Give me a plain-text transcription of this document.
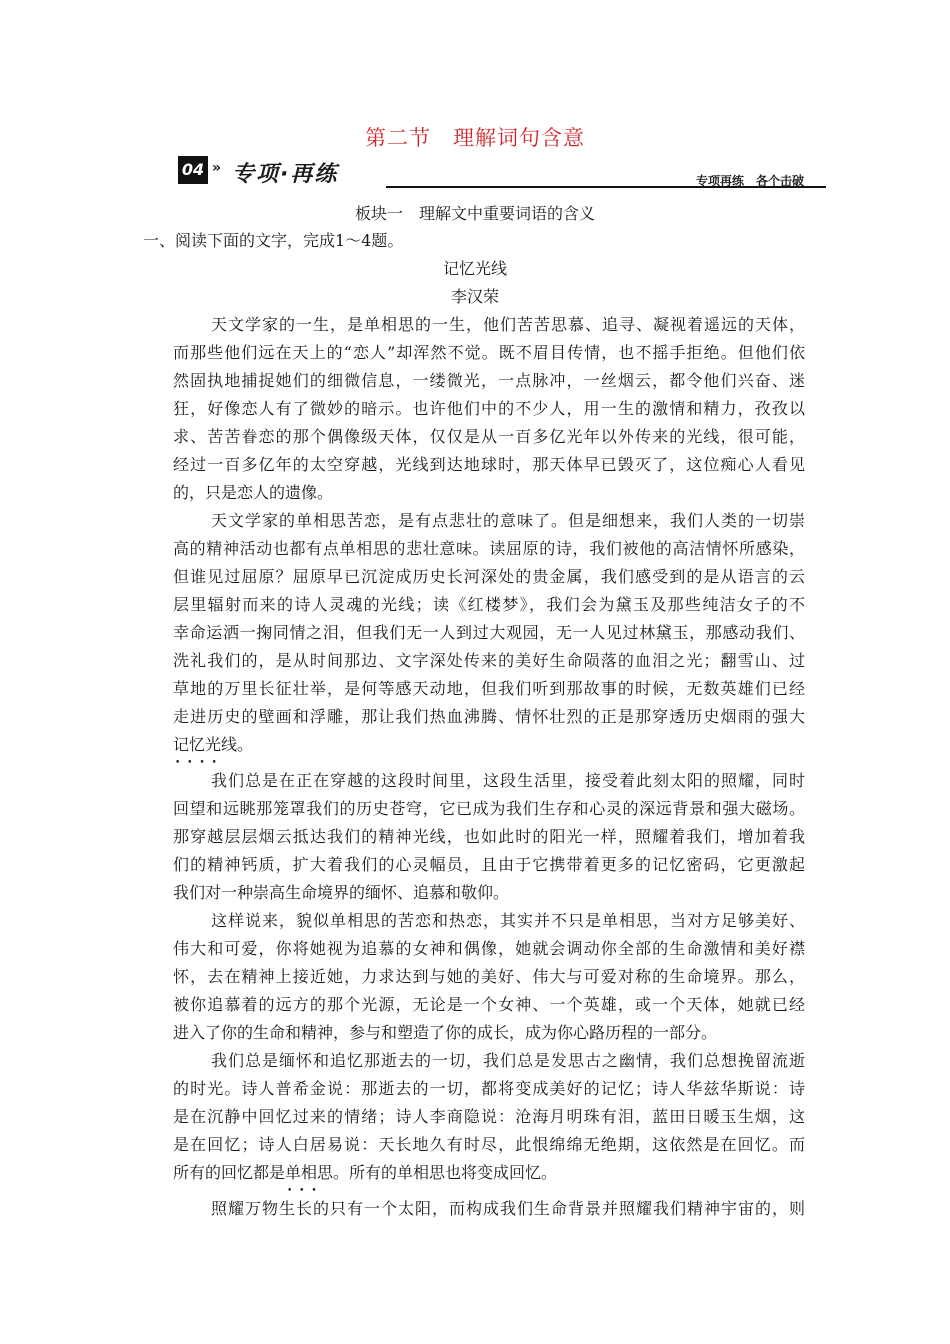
第二节　理解词句含意
04 » 专项·再练	专项再练　各个击破
板块一　理解文中重要词语的含义
一、阅读下面的文字，完成1～4题。
记忆光线
李汉荣
天文学家的一生，是单相思的一生，他们苦苦思慕、追寻、凝视着遥远的天体，
而那些他们远在天上的“恋人”却浑然不觉。既不眉目传情，也不摇手拒绝。但他们依
然固执地捕捉她们的细微信息，一缕微光，一点脉冲，一丝烟云，都令他们兴奋、迷
狂，好像恋人有了微妙的暗示。也许他们中的不少人，用一生的激情和精力，孜孜以
求、苦苦眷恋的那个偶像级天体，仅仅是从一百多亿光年以外传来的光线，很可能，
经过一百多亿年的太空穿越，光线到达地球时，那天体早已毁灭了，这位痴心人看见
的，只是恋人的遗像。
天文学家的单相思苦恋，是有点悲壮的意味了。但是细想来，我们人类的一切崇
高的精神活动也都有点单相思的悲壮意味。读屈原的诗，我们被他的高洁情怀所感染，
但谁见过屈原？屈原早已沉淀成历史长河深处的贵金属，我们感受到的是从语言的云
层里辐射而来的诗人灵魂的光线；读《红楼梦》，我们会为黛玉及那些纯洁女子的不
幸命运洒一掬同情之泪，但我们无一人到过大观园，无一人见过林黛玉，那感动我们、
洗礼我们的，是从时间那边、文字深处传来的美好生命陨落的血泪之光；翻雪山、过
草地的万里长征壮举，是何等感天动地，但我们听到那故事的时候，无数英雄们已经
走进历史的壁画和浮雕，那让我们热血沸腾、情怀壮烈的正是那穿透历史烟雨的强大
记忆光线。 • • • •
我们总是在正在穿越的这段时间里，这段生活里，接受着此刻太阳的照耀，同时
回望和远眺那笼罩我们的历史苍穹，它已成为我们生存和心灵的深远背景和强大磁场。
那穿越层层烟云抵达我们的精神光线，也如此时的阳光一样，照耀着我们，增加着我
们的精神钙质，扩大着我们的心灵幅员，且由于它携带着更多的记忆密码，它更激起
我们对一种崇高生命境界的缅怀、追慕和敬仰。
这样说来，貌似单相思的苦恋和热恋，其实并不只是单相思，当对方足够美好、
伟大和可爱，你将她视为追慕的女神和偶像，她就会调动你全部的生命激情和美好襟
怀，去在精神上接近她，力求达到与她的美好、伟大与可爱对称的生命境界。那么，
被你追慕着的远方的那个光源，无论是一个女神、一个英雄，或一个天体，她就已经
进入了你的生命和精神，参与和塑造了你的成长，成为你心路历程的一部分。
我们总是缅怀和追忆那逝去的一切，我们总是发思古之幽情，我们总想挽留流逝
的时光。诗人普希金说：那逝去的一切，都将变成美好的记忆；诗人华兹华斯说：诗
是在沉静中回忆过来的情绪；诗人李商隐说：沧海月明珠有泪，蓝田日暖玉生烟，这
是在回忆；诗人白居易说：天长地久有时尽，此恨绵绵无绝期，这依然是在回忆。而
所有的回忆都是单相思 • • •。所有的单相思也将变成回忆。
照耀万物生长的只有一个太阳，而构成我们生命背景并照耀我们精神宇宙的，则
